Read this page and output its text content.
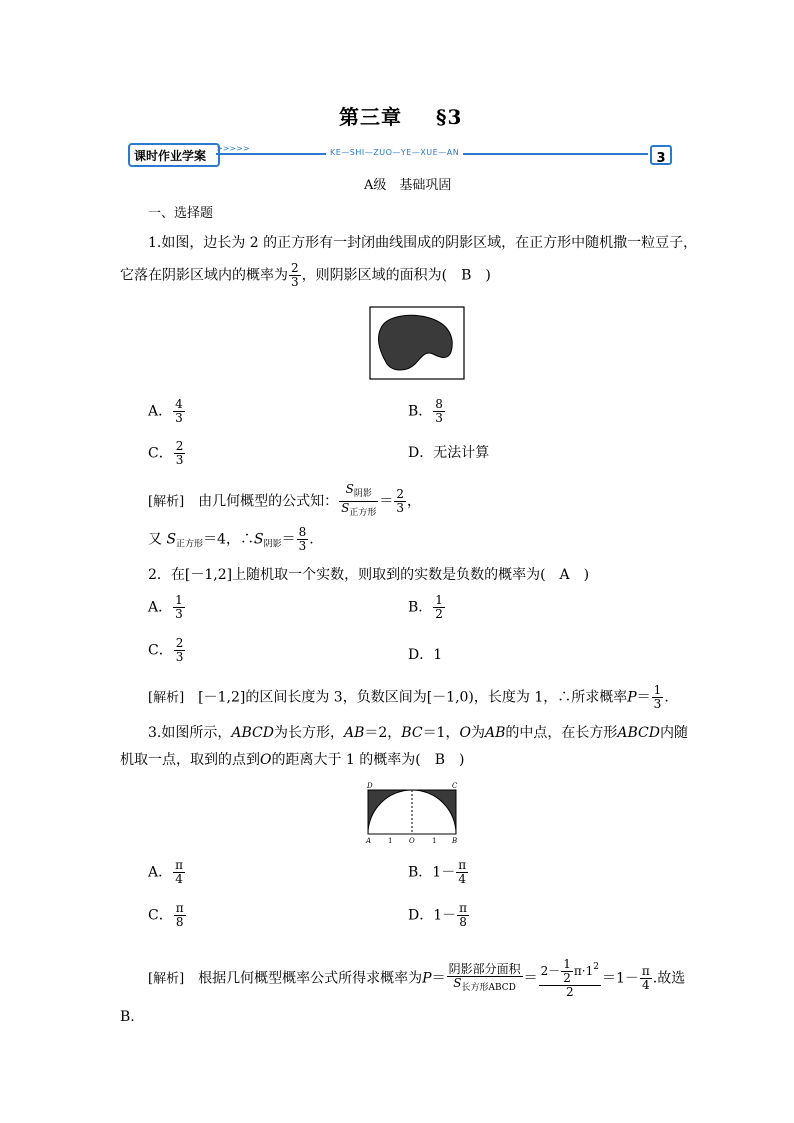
第三章 §3
课时作业学案
>>>>>	KE—SHI—ZUO—YE—XUE—AN	3
A级　基础巩固
一、选择题
1.如图，边长为 2 的正方形有一封闭曲线围成的阴影区域，在正方形中随机撒一粒豆子，
它落在阴影区域内的概率为 $\frac{2}{3}$ ，则阴影区域的面积为(　B　)
A． $\frac{4}{3}$	B． $\frac{8}{3}$
C． $\frac{2}{3}$	D．无法计算
[解析]　 由几何概型的公式知： $\frac{S_{阴影}}{S_{正方形}} = \frac{2}{3}$ ，
又 $S_{正方形}=4$，$\therefore S_{阴影}= \frac{8}{3}$ .
2．在[－1,2]上随机取一个实数，则取到的实数是负数的概率为(　A　)
A． $\frac{1}{3}$	B． $\frac{1}{2}$
C． $\frac{2}{3}$	D．1
[解析]　 [－1,2]的区间长度为 3，负数区间为[－1,0)，长度为 1，∴所求概率$P= \frac{1}{3}$ .
3.如图所示，ABCD为长方形，AB＝2，BC＝1，O为AB的中点，在长方形ABCD内随
机取一点，取到的点到O的距离大于 1 的概率为(　B　)
D	C
A 1 O 1 B
A． $\frac{\pi}{4}$	B．$1- \frac{\pi}{4}$
C． $\frac{\pi}{8}$	D．$1- \frac{\pi}{8}$
[解析]　 根据几何概型概率公式所得求概率为$P= \frac{\text{阴影部分面积}}{S_{长方形ABCD}} = \frac{2- \frac{1}{2} \pi\cdot 1^2}{2} =1- \frac{\pi}{4}$ .故选
B.
